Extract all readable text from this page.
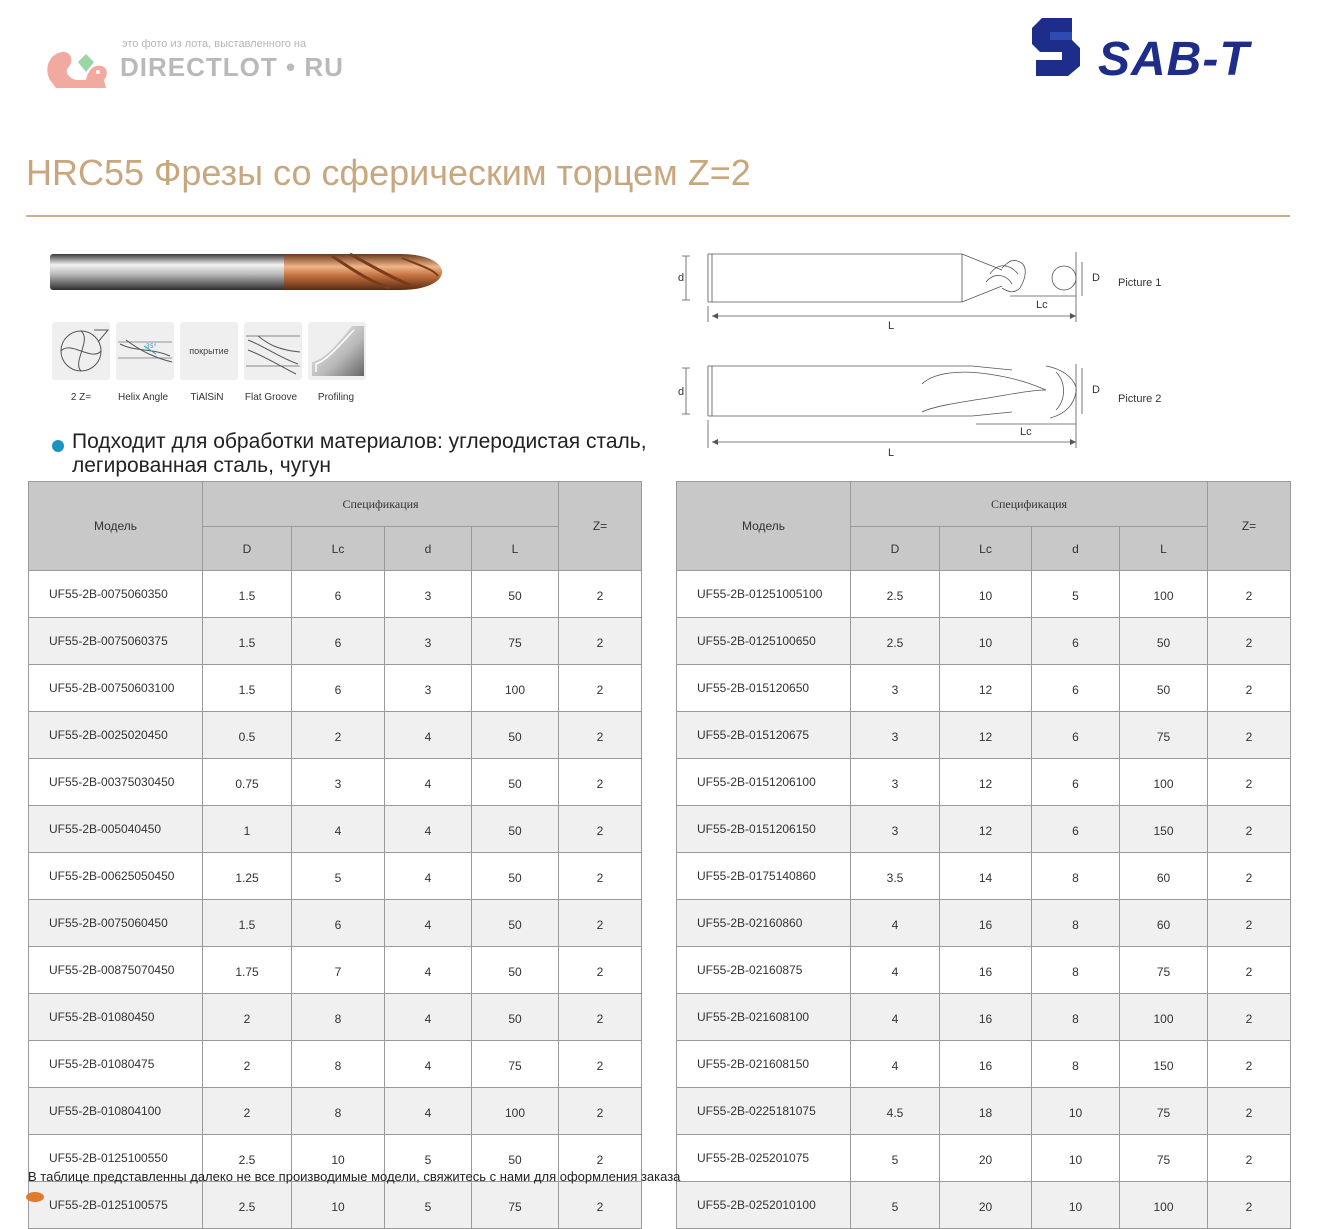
это фото из лота, выставленного на
DIRECTLOT • RU	SAB-T
HRC55 Фрезы со сферическим торцем Z=2
35°	покрытие
2 Z=	Helix Angle	TiAlSiN	Flat Groove	Profiling
d	D
Lc
L
Picture 1
d	D
Lc
L
Picture 2
Подходит для обработки материалов: углеродистая сталь, легированная сталь, чугун
Модель	Спецификация				Z=
	D	Lc	d	L	
UF55-2B-0075060350	1.5	6	3	50	2
UF55-2B-0075060375	1.5	6	3	75	2
UF55-2B-00750603100	1.5	6	3	100	2
UF55-2B-0025020450	0.5	2	4	50	2
UF55-2B-00375030450	0.75	3	4	50	2
UF55-2B-005040450	1	4	4	50	2
UF55-2B-00625050450	1.25	5	4	50	2
UF55-2B-0075060450	1.5	6	4	50	2
UF55-2B-00875070450	1.75	7	4	50	2
UF55-2B-01080450	2	8	4	50	2
UF55-2B-01080475	2	8	4	75	2
UF55-2B-010804100	2	8	4	100	2
UF55-2B-0125100550	2.5	10	5	50	2
UF55-2B-0125100575	2.5	10	5	75	2
Модель	Спецификация				Z=
	D	Lc	d	L	
UF55-2B-01251005100	2.5	10	5	100	2
UF55-2B-0125100650	2.5	10	6	50	2
UF55-2B-015120650	3	12	6	50	2
UF55-2B-015120675	3	12	6	75	2
UF55-2B-0151206100	3	12	6	100	2
UF55-2B-0151206150	3	12	6	150	2
UF55-2B-0175140860	3.5	14	8	60	2
UF55-2B-02160860	4	16	8	60	2
UF55-2B-02160875	4	16	8	75	2
UF55-2B-021608100	4	16	8	100	2
UF55-2B-021608150	4	16	8	150	2
UF55-2B-0225181075	4.5	18	10	75	2
UF55-2B-025201075	5	20	10	75	2
UF55-2B-0252010100	5	20	10	100	2
В таблице представленны далеко не все производимые модели, свяжитесь с нами для оформления заказа
